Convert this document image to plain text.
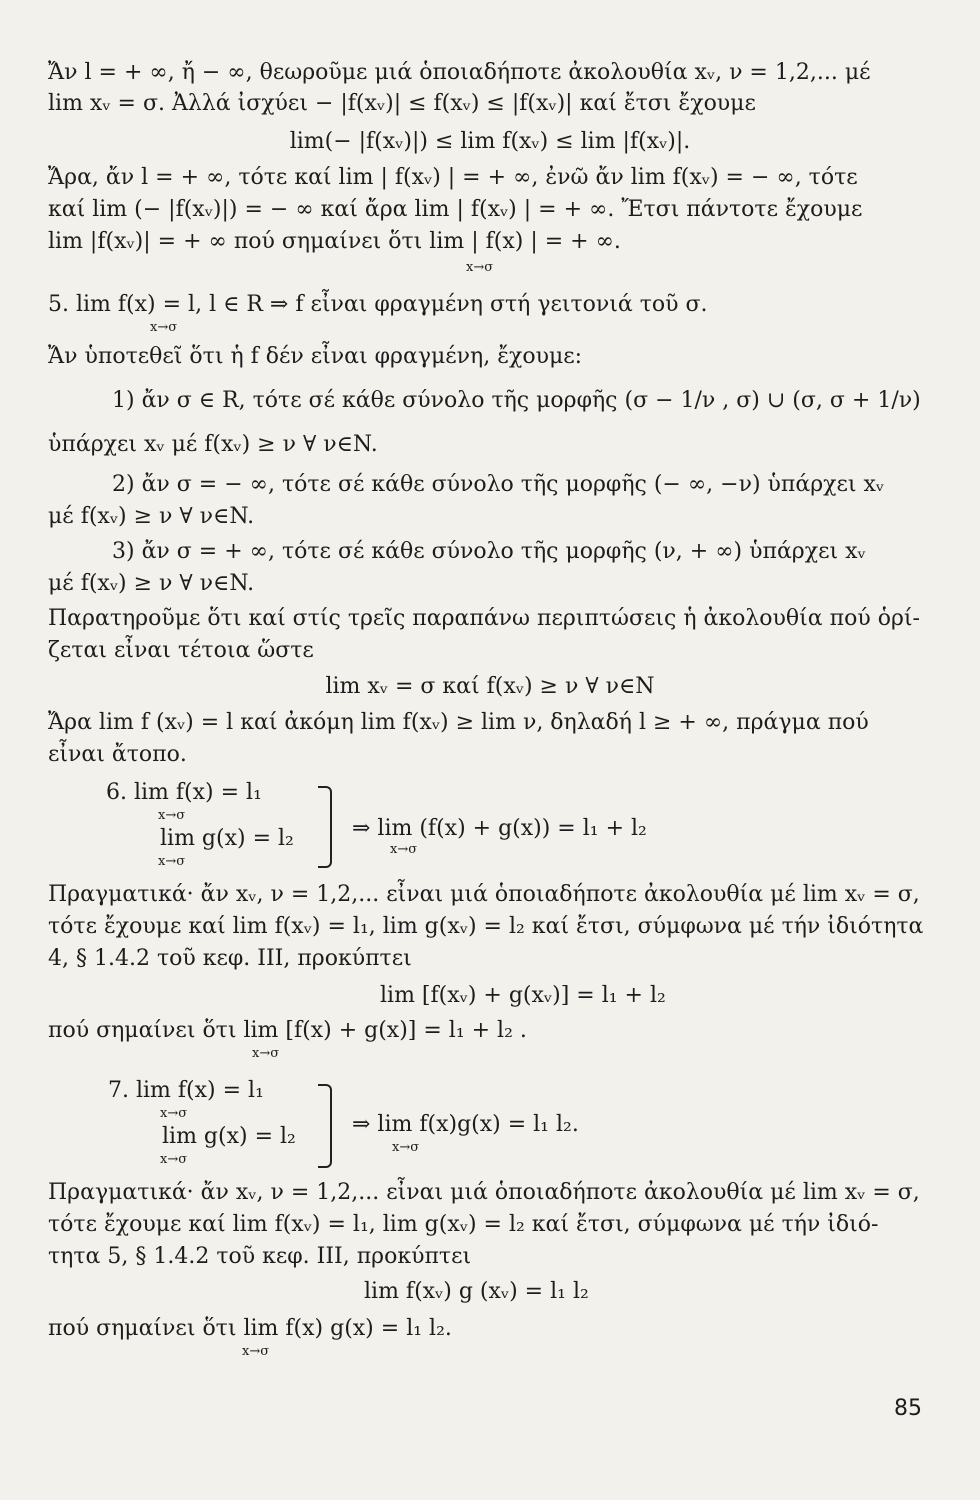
Ἄν l = + ∞, ἤ − ∞, θεωροῦμε μιά ὁποιαδήποτε ἀκολουθία xᵥ, ν = 1,2,... μέ
lim xᵥ = σ. Ἀλλά ἰσχύει − |f(xᵥ)| ≤ f(xᵥ) ≤ |f(xᵥ)| καί ἔτσι ἔχουμε
lim(− |f(xᵥ)|) ≤ lim f(xᵥ) ≤ lim |f(xᵥ)|.
Ἄρα, ἄν l = + ∞, τότε καί lim | f(xᵥ) | = + ∞, ἐνῶ ἄν lim f(xᵥ) = − ∞, τότε
καί lim (− |f(xᵥ)|) = − ∞ καί ἄρα lim | f(xᵥ) | = + ∞. Ἔτσι πάντοτε ἔχουμε
lim |f(xᵥ)| = + ∞ πού σημαίνει ὅτι lim | f(x) | = + ∞.
x→σ
5. lim f(x) = l, l ∈ R ⇒ f εἶναι φραγμένη στή γειτονιά τοῦ σ.
x→σ
Ἄν ὑποτεθεῖ ὅτι ἡ f δέν εἶναι φραγμένη, ἔχουμε:
1) ἄν σ ∈ R, τότε σέ κάθε σύνολο τῆς μορφῆς (σ − 1/ν , σ) ∪ (σ, σ + 1/ν)
ὑπάρχει xᵥ μέ f(xᵥ) ≥ ν ∀ ν∈N.
2) ἄν σ = − ∞, τότε σέ κάθε σύνολο τῆς μορφῆς (− ∞, −ν) ὑπάρχει xᵥ
μέ f(xᵥ) ≥ ν ∀ ν∈N.
3) ἄν σ = + ∞, τότε σέ κάθε σύνολο τῆς μορφῆς (ν, + ∞) ὑπάρχει xᵥ
μέ f(xᵥ) ≥ ν ∀ ν∈N.
Παρατηροῦμε ὅτι καί στίς τρεῖς παραπάνω περιπτώσεις ἡ ἀκολουθία πού ὁρί-
ζεται εἶναι τέτοια ὥστε
lim xᵥ = σ καί f(xᵥ) ≥ ν ∀ ν∈N
Ἄρα lim f (xᵥ) = l καί ἀκόμη lim f(xᵥ) ≥ lim ν, δηλαδή l ≥ + ∞, πράγμα πού
εἶναι ἄτοπο.
6. lim f(x) = l₁
x→σ
lim g(x) = l₂
x→σ
⇒ lim (f(x) + g(x)) = l₁ + l₂
x→σ
Πραγματικά· ἄν xᵥ, ν = 1,2,... εἶναι μιά ὁποιαδήποτε ἀκολουθία μέ lim xᵥ = σ,
τότε ἔχουμε καί lim f(xᵥ) = l₁, lim g(xᵥ) = l₂ καί ἔτσι, σύμφωνα μέ τήν ἰδιότητα
4, § 1.4.2 τοῦ κεφ. III, προκύπτει
lim [f(xᵥ) + g(xᵥ)] = l₁ + l₂
πού σημαίνει ὅτι lim [f(x) + g(x)] = l₁ + l₂ .
x→σ
7. lim f(x) = l₁
x→σ
lim g(x) = l₂
x→σ
⇒ lim f(x)g(x) = l₁ l₂.
x→σ
Πραγματικά· ἄν xᵥ, ν = 1,2,... εἶναι μιά ὁποιαδήποτε ἀκολουθία μέ lim xᵥ = σ,
τότε ἔχουμε καί lim f(xᵥ) = l₁, lim g(xᵥ) = l₂ καί ἔτσι, σύμφωνα μέ τήν ἰδιό-
τητα 5, § 1.4.2 τοῦ κεφ. III, προκύπτει
lim f(xᵥ) g (xᵥ) = l₁ l₂
πού σημαίνει ὅτι lim f(x) g(x) = l₁ l₂.
x→σ
85
